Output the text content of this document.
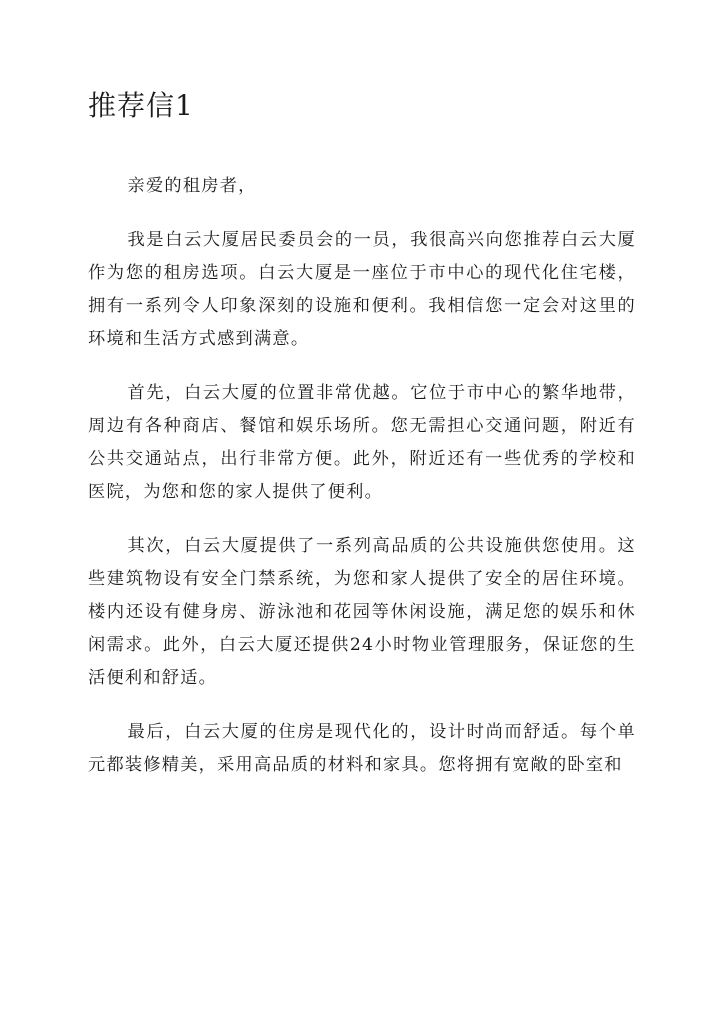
推荐信1

亲爱的租房者，

我是白云大厦居民委员会的一员，我很高兴向您推荐白云大厦作为您的租房选项。白云大厦是一座位于市中心的现代化住宅楼，拥有一系列令人印象深刻的设施和便利。我相信您一定会对这里的环境和生活方式感到满意。

首先，白云大厦的位置非常优越。它位于市中心的繁华地带，周边有各种商店、餐馆和娱乐场所。您无需担心交通问题，附近有公共交通站点，出行非常方便。此外，附近还有一些优秀的学校和医院，为您和您的家人提供了便利。

其次，白云大厦提供了一系列高品质的公共设施供您使用。这些建筑物设有安全门禁系统，为您和家人提供了安全的居住环境。楼内还设有健身房、游泳池和花园等休闲设施，满足您的娱乐和休闲需求。此外，白云大厦还提供24小时物业管理服务，保证您的生活便利和舒适。

最后，白云大厦的住房是现代化的，设计时尚而舒适。每个单元都装修精美，采用高品质的材料和家具。您将拥有宽敞的卧室和
